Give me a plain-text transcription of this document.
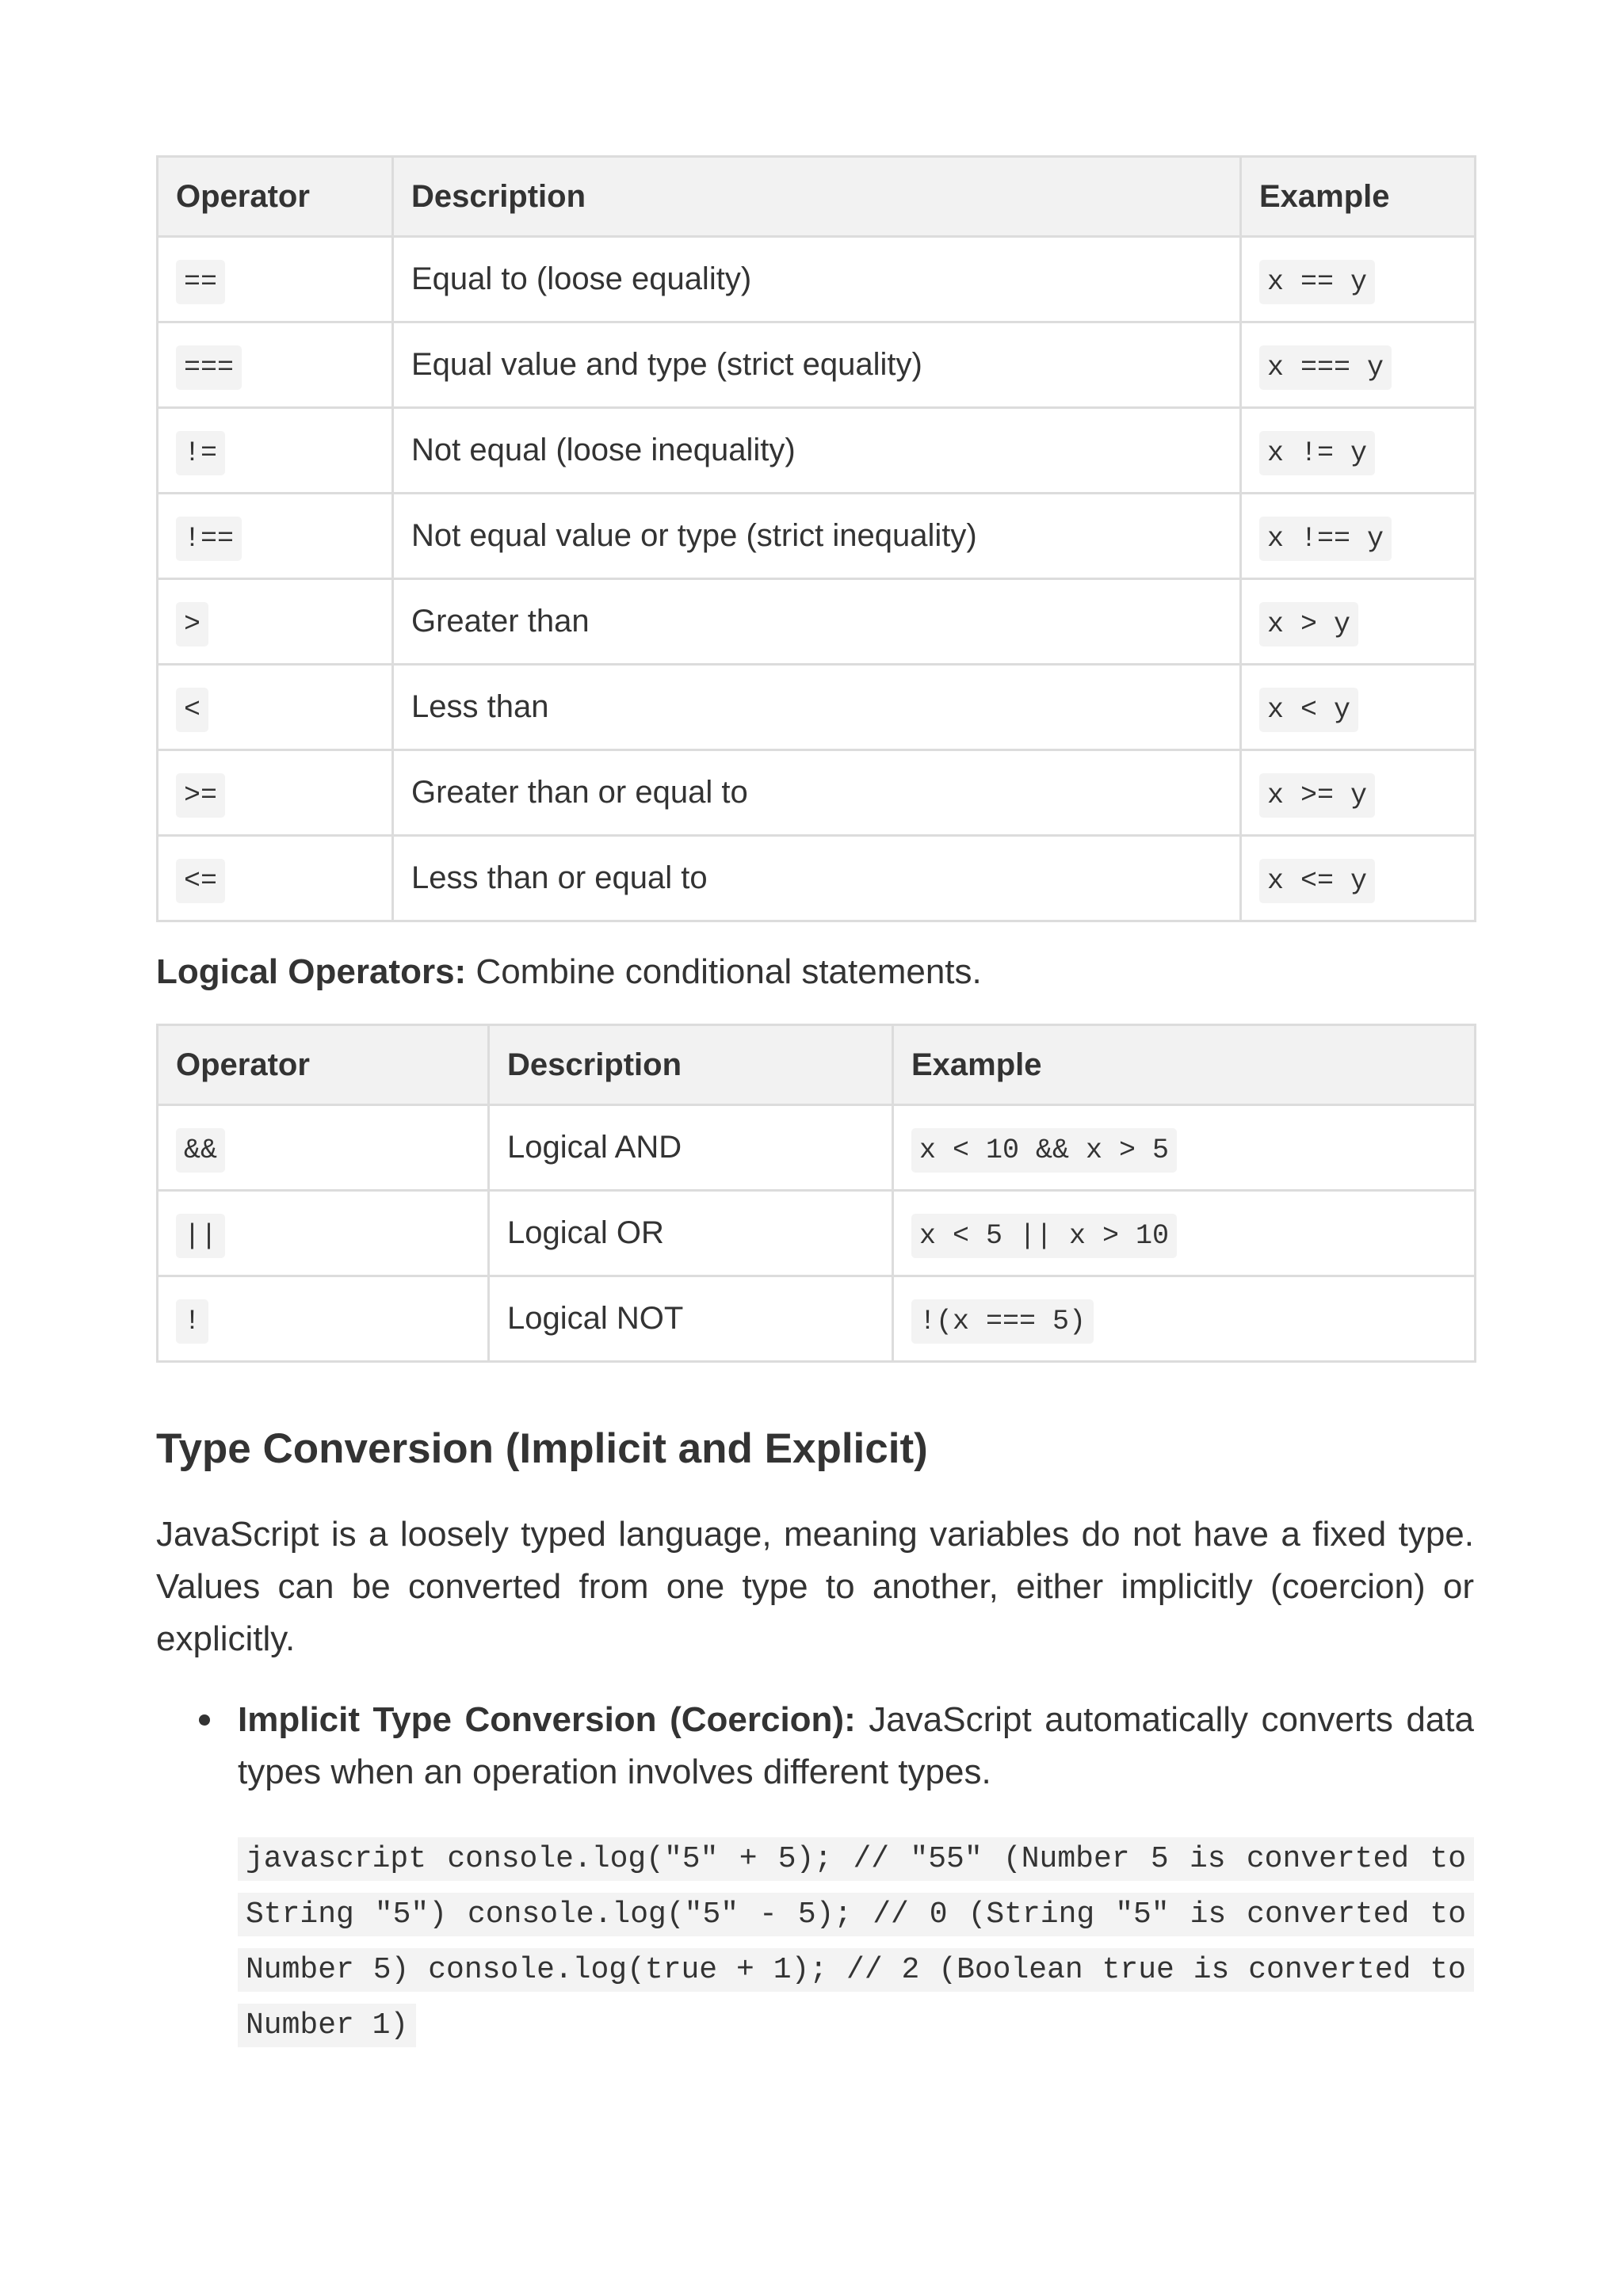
Operator	Description	Example
==	Equal to (loose equality)	x == y
===	Equal value and type (strict equality)	x === y
!=	Not equal (loose inequality)	x != y
!==	Not equal value or type (strict inequality)	x !== y
>	Greater than	x > y
<	Less than	x < y
>=	Greater than or equal to	x >= y
<=	Less than or equal to	x <= y

Logical Operators: Combine conditional statements.

Operator	Description	Example
&&	Logical AND	x < 10 && x > 5
||	Logical OR	x < 5 || x > 10
!	Logical NOT	!(x === 5)
Type Conversion (Implicit and Explicit)

JavaScript is a loosely typed language, meaning variables do not have a fixed type. Values can be converted from one type to another, either implicitly (coercion) or explicitly.

Implicit Type Conversion (Coercion): JavaScript automatically converts data types when an operation involves different types.
javascript console.log("5" + 5); // "55" (Number 5 is converted to String "5") console.log("5" - 5); // 0 (String "5" is converted to Number 5) console.log(true + 1); // 2 (Boolean true is converted to Number 1)
